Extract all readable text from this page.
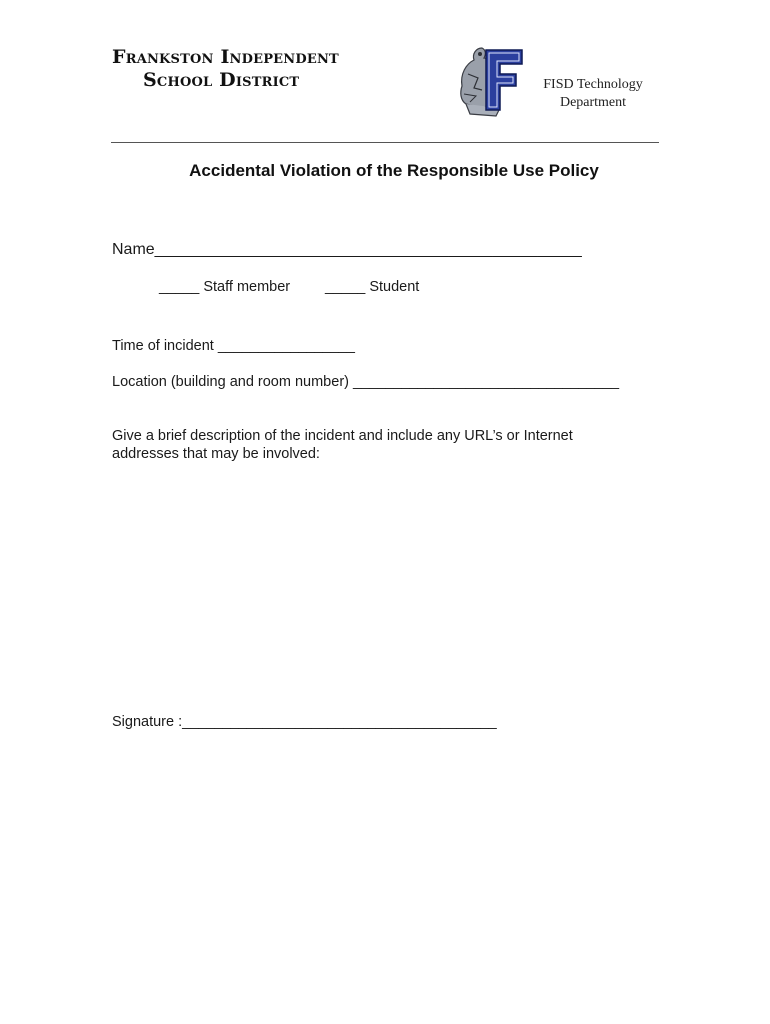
Frankston Independent
School District	FISD Technology
Department
Accidental Violation of the Responsible Use Policy
Name________________________________________________
_____ Staff member _____ Student
Time of incident _________________
Location (building and room number) _________________________________
Give a brief description of the incident and include any URL’s or Internet addresses that may be involved:
Signature :_______________________________________
